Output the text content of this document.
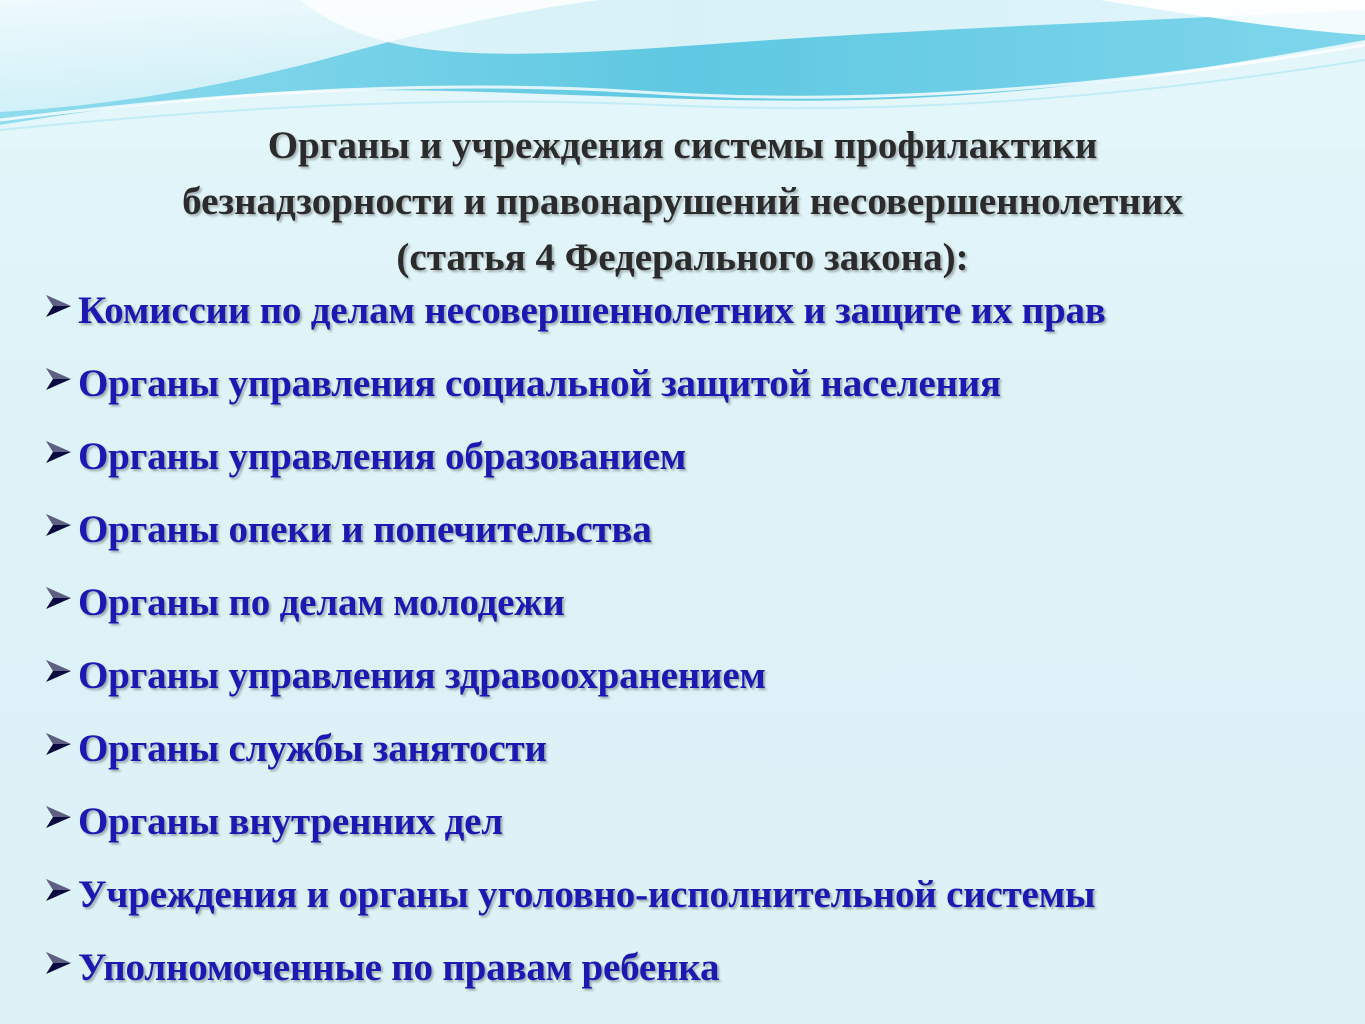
Органы и учреждения системы профилактики
безнадзорности и правонарушений несовершеннолетних
(статья 4 Федерального закона):
Комиссии по делам несовершеннолетних и защите их прав
Органы управления социальной защитой населения
Органы управления образованием
Органы опеки и попечительства
Органы по делам молодежи
Органы управления здравоохранением
Органы службы занятости
Органы внутренних дел
Учреждения и органы уголовно-исполнительной системы
Уполномоченные по правам ребенка
